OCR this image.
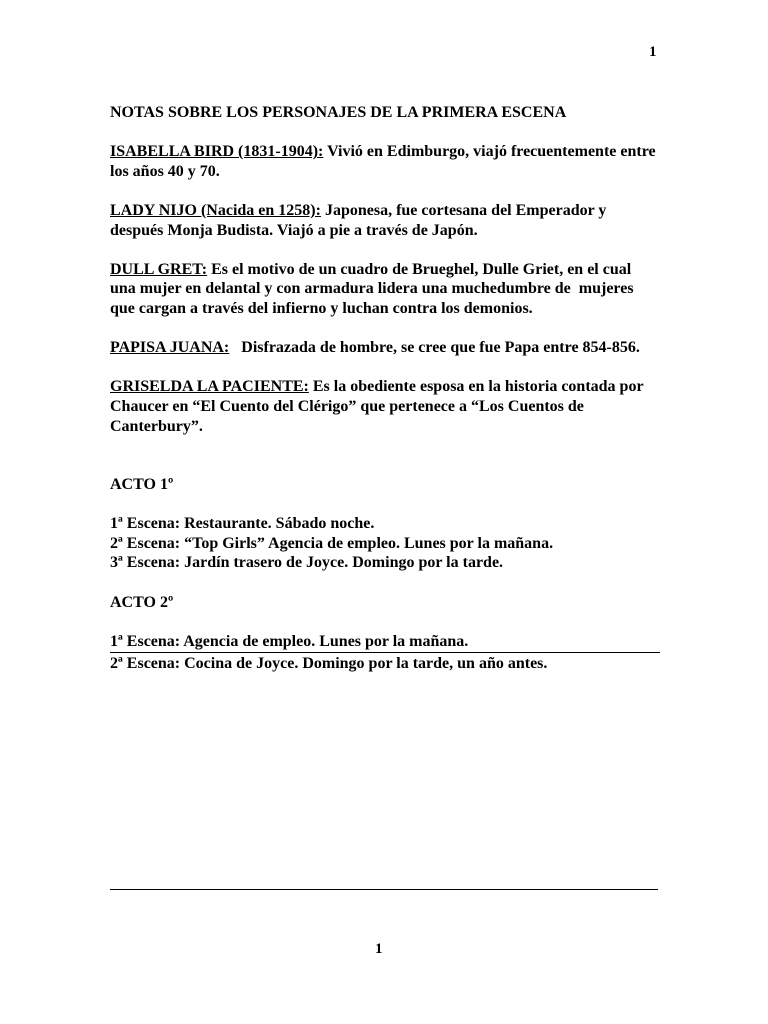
1

NOTAS SOBRE LOS PERSONAJES DE LA PRIMERA ESCENA

ISABELLA BIRD (1831-1904): Vivió en Edimburgo, viajó frecuentemente entre los años 40 y 70.

LADY NIJO (Nacida en 1258): Japonesa, fue cortesana del Emperador y después Monja Budista. Viajó a pie a través de Japón.

DULL GRET: Es el motivo de un cuadro de Brueghel, Dulle Griet, en el cual una mujer en delantal y con armadura lidera una muchedumbre de  mujeres que cargan a través del infierno y luchan contra los demonios.

PAPISA JUANA:   Disfrazada de hombre, se cree que fue Papa entre 854-856.

GRISELDA LA PACIENTE: Es la obediente esposa en la historia contada por Chaucer en “El Cuento del Clérigo” que pertenece a “Los Cuentos de Canterbury”.

ACTO 1º

1ª Escena: Restaurante. Sábado noche.

2ª Escena: “Top Girls” Agencia de empleo. Lunes por la mañana.

3ª Escena: Jardín trasero de Joyce. Domingo por la tarde.

ACTO 2º

1ª Escena: Agencia de empleo. Lunes por la mañana.

2ª Escena: Cocina de Joyce. Domingo por la tarde, un año antes.

1
